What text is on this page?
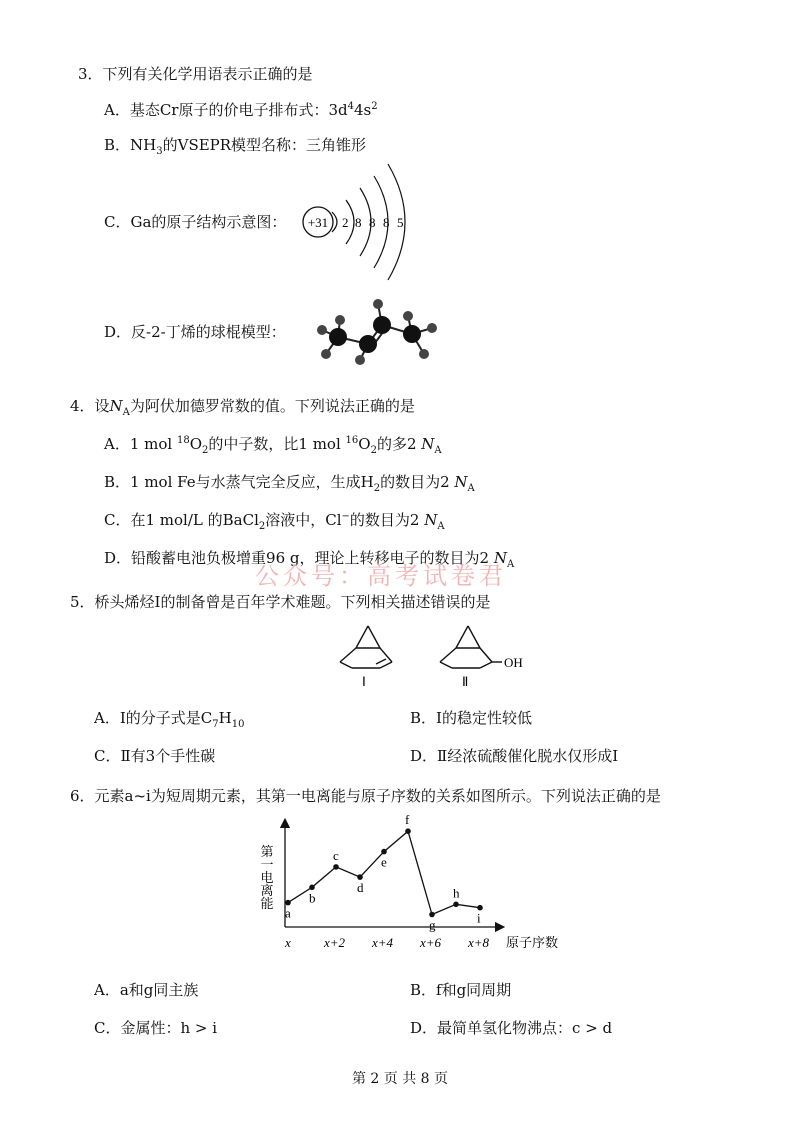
3．下列有关化学用语表示正确的是
A．基态Cr原子的价电子排布式：$3d^44s^2$
B．$NH_3$的VSEPR模型名称：三角锥形
C．Ga的原子结构示意图： +31 2 8 8 8 5
D．反-2-丁烯的球棍模型：
4．设$N_A$为阿伏加德罗常数的值。下列说法正确的是
A．1 mol $^{18}O_2$的中子数，比1 mol $^{16}O_2$的多2 $N_A$
B．1 mol Fe与水蒸气完全反应，生成$H_2$的数目为2 $N_A$
C．在1 mol/L 的BaCl$_2$溶液中，Cl−的数目为2 $N_A$
D．铅酸蓄电池负极增重96 g，理论上转移电子的数目为2 $N_A$
公众号：高考试卷君
5．桥头烯烃Ⅰ的制备曾是百年学术难题。下列相关描述错误的是
Ⅰ
OH
Ⅱ
A．Ⅰ的分子式是$C_7H_{10}$	B．Ⅰ的稳定性较低
C．Ⅱ有3个手性碳	D．Ⅱ经浓硫酸催化脱水仅形成Ⅰ
6．元素a~i为短周期元素，其第一电离能与原子序数的关系如图所示。下列说法正确的是
第一电离能
原子序数
a
b
c
d
e
f
g
h
i
x	x+2 x+4 x+6 x+8
A．a和g同主族	B．f和g同周期
C．金属性：h > i	D．最简单氢化物沸点：c > d
第 2 页 共 8 页
